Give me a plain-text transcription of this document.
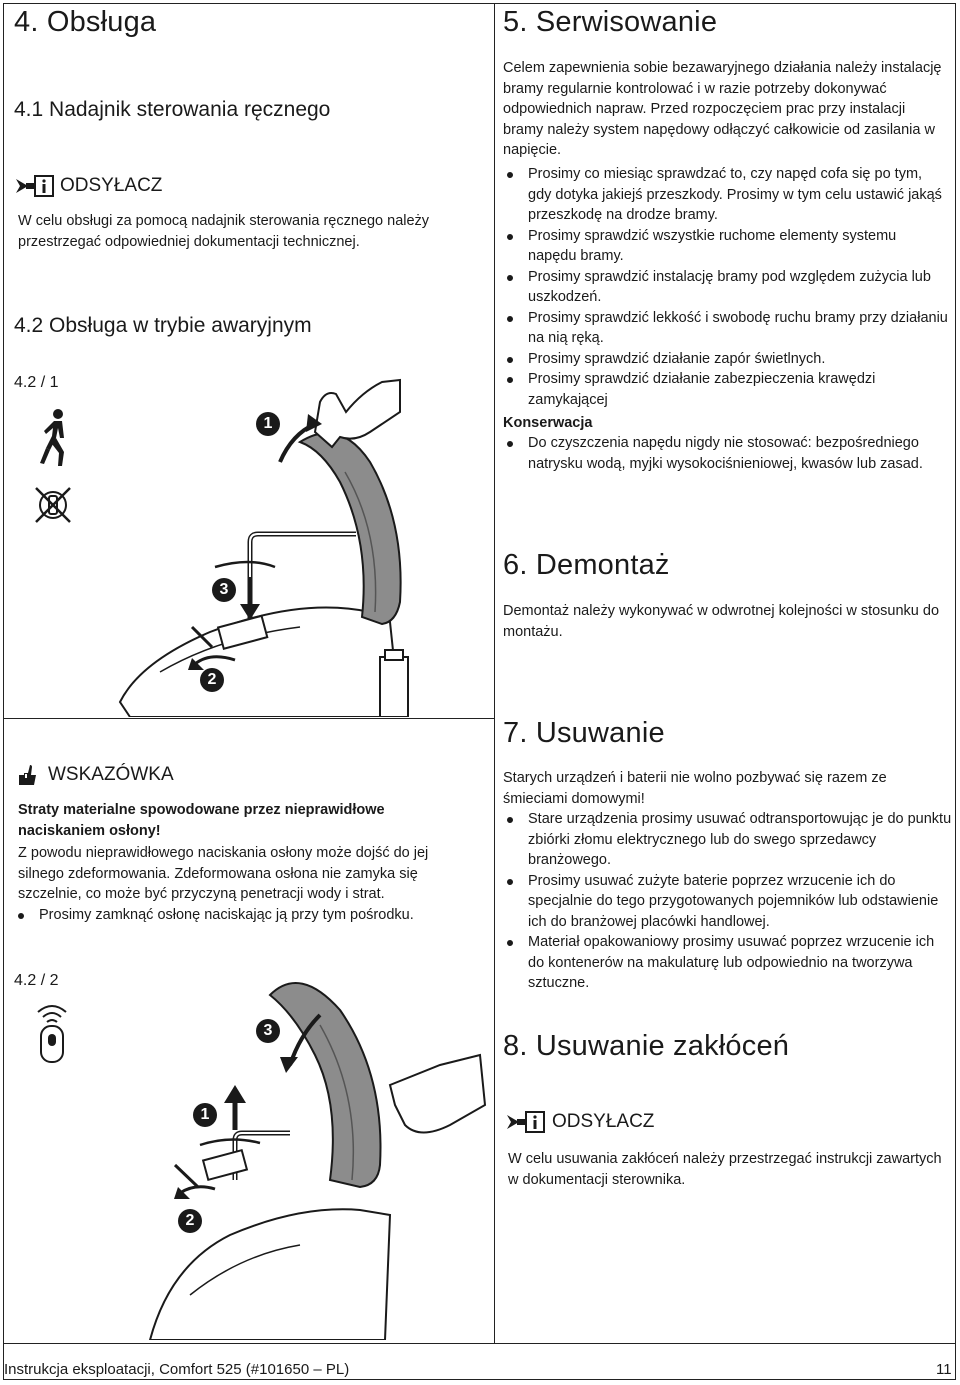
4. Obsługa
4.1 Nadajnik sterowania ręcznego
ODSYŁACZ
W celu obsługi za pomocą nadajnik sterowania ręcznego należy przestrzegać odpowiedniej dokumentacji technicznej.
4.2 Obsługa w trybie awaryjnym
4.2 / 1
1
2
3
WSKAZÓWKA
Straty materialne spowodowane przez nieprawidłowe naciskaniem osłony!
Z powodu nieprawidłowego naciskania osłony może dojść do jej silnego zdeformowania. Zdeformowana osłona nie zamyka się szczelnie, co może być przyczyną penetracji wody i strat.
Prosimy zamknąć osłonę naciskając ją przy tym pośrodku.
4.2 / 2
1
2
3
5. Serwisowanie
Celem zapewnienia sobie bezawaryjnego działania należy instalację bramy regularnie kontrolować i w razie potrzeby dokonywać odpowiednich napraw. Przed rozpoczęciem prac przy instalacji bramy należy system napędowy odłączyć całkowicie od zasilania w napięcie.
Prosimy co miesiąc sprawdzać to, czy napęd cofa się po tym, gdy dotyka jakiejś przeszkody. Prosimy w tym celu ustawić jakąś przeszkodę na drodze bramy.
Prosimy sprawdzić wszystkie ruchome elementy systemu napędu bramy.
Prosimy sprawdzić instalację bramy pod względem zużycia lub uszkodzeń.
Prosimy sprawdzić lekkość i swobodę ruchu bramy przy działaniu na nią ręką.
Prosimy sprawdzić działanie zapór świetlnych.
Prosimy sprawdzić działanie zabezpieczenia krawędzi zamykającej
Konserwacja
Do czyszczenia napędu nigdy nie stosować: bezpośredniego natrysku wodą, myjki wysokociśnieniowej, kwasów lub zasad.
6. Demontaż
Demontaż należy wykonywać w odwrotnej kolejności w stosunku do montażu.
7. Usuwanie
Starych urządzeń i baterii nie wolno pozbywać się razem ze śmieciami domowymi!
Stare urządzenia prosimy usuwać odtransportowując je do punktu zbiórki złomu elektrycznego lub do swego sprzedawcy branżowego.
Prosimy usuwać zużyte baterie poprzez wrzucenie ich do specjalnie do tego przygotowanych pojemników lub odstawienie ich do branżowej placówki handlowej.
Materiał opakowaniowy prosimy usuwać poprzez wrzucenie ich do kontenerów na makulaturę lub odpowiednio na tworzywa sztuczne.
8. Usuwanie zakłóceń
ODSYŁACZ
W celu usuwania zakłóceń należy przestrzegać instrukcji zawartych w dokumentacji sterownika.
Instrukcja eksploatacji, Comfort 525 (#101650 – PL)	11
